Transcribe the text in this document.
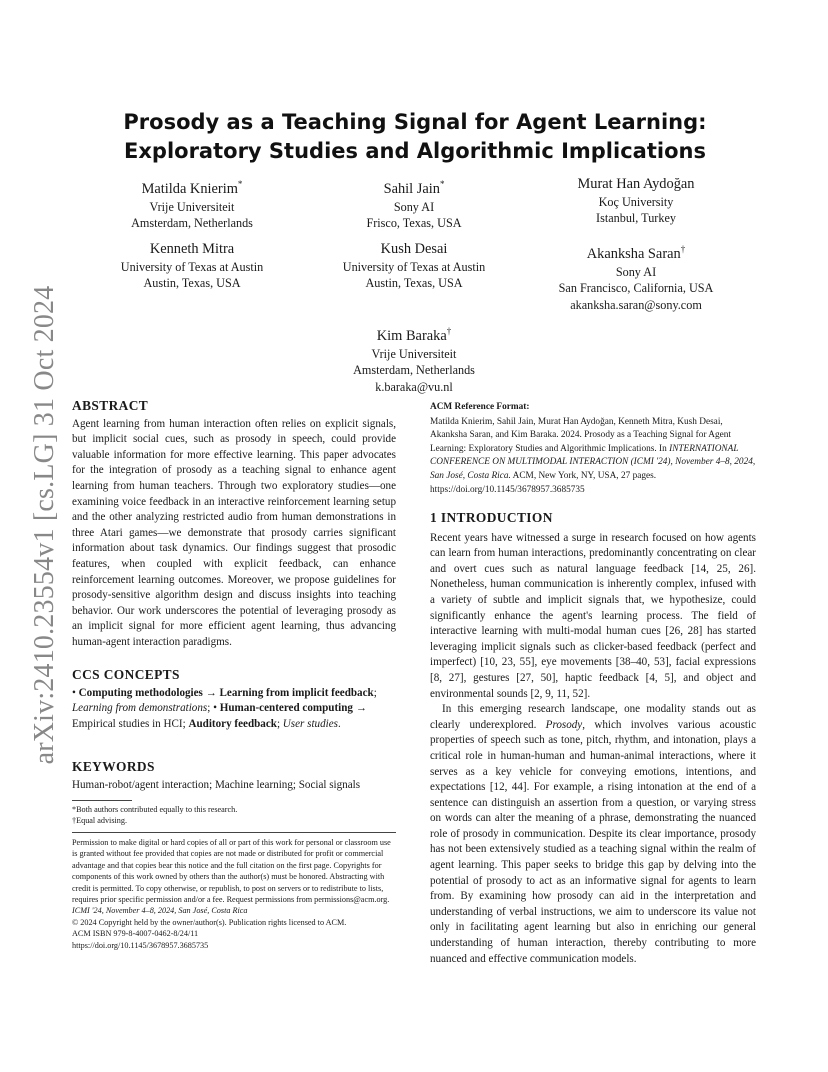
arXiv:2410.23554v1 [cs.LG] 31 Oct 2024
Prosody as a Teaching Signal for Agent Learning: Exploratory Studies and Algorithmic Implications
Matilda Knierim*
Vrije Universiteit
Amsterdam, Netherlands
Sahil Jain*
Sony AI
Frisco, Texas, USA
Murat Han Aydoğan
Koç University
Istanbul, Turkey
Kenneth Mitra
University of Texas at Austin
Austin, Texas, USA
Kush Desai
University of Texas at Austin
Austin, Texas, USA
Akanksha Saran†
Sony AI
San Francisco, California, USA
akanksha.saran@sony.com
Kim Baraka†
Vrije Universiteit
Amsterdam, Netherlands
k.baraka@vu.nl
ABSTRACT

Agent learning from human interaction often relies on explicit signals, but implicit social cues, such as prosody in speech, could provide valuable information for more effective learning. This paper advocates for the integration of prosody as a teaching signal to enhance agent learning from human teachers. Through two exploratory studies—one examining voice feedback in an interactive reinforcement learning setup and the other analyzing restricted audio from human demonstrations in three Atari games—we demonstrate that prosody carries significant information about task dynamics. Our findings suggest that prosodic features, when coupled with explicit feedback, can enhance reinforcement learning outcomes. Moreover, we propose guidelines for prosody-sensitive algorithm design and discuss insights into teaching behavior. Our work underscores the potential of leveraging prosody as an implicit signal for more efficient agent learning, thus advancing human-agent interaction paradigms.

CCS CONCEPTS

• Computing methodologies → Learning from implicit feedback; Learning from demonstrations; • Human-centered computing → Empirical studies in HCI; Auditory feedback; User studies.

KEYWORDS

Human-robot/agent interaction; Machine learning; Social signals

*Both authors contributed equally to this research.
†Equal advising.

Permission to make digital or hard copies of all or part of this work for personal or classroom use is granted without fee provided that copies are not made or distributed for profit or commercial advantage and that copies bear this notice and the full citation on the first page. Copyrights for components of this work owned by others than the author(s) must be honored. Abstracting with credit is permitted. To copy otherwise, or republish, to post on servers or to redistribute to lists, requires prior specific permission and/or a fee. Request permissions from permissions@acm.org.

ICMI '24, November 4–8, 2024, San José, Costa Rica

© 2024 Copyright held by the owner/author(s). Publication rights licensed to ACM.

ACM ISBN 979-8-4007-0462-8/24/11

https://doi.org/10.1145/3678957.3685735

ACM Reference Format:

Matilda Knierim, Sahil Jain, Murat Han Aydoğan, Kenneth Mitra, Kush Desai, Akanksha Saran, and Kim Baraka. 2024. Prosody as a Teaching Signal for Agent Learning: Exploratory Studies and Algorithmic Implications. In INTERNATIONAL CONFERENCE ON MULTIMODAL INTERACTION (ICMI '24), November 4–8, 2024, San José, Costa Rica. ACM, New York, NY, USA, 27 pages. https://doi.org/10.1145/3678957.3685735

1 INTRODUCTION

Recent years have witnessed a surge in research focused on how agents can learn from human interactions, predominantly concentrating on clear and overt cues such as natural language feedback [14, 25, 26]. Nonetheless, human communication is inherently complex, infused with a variety of subtle and implicit signals that, we hypothesize, could significantly enhance the agent's learning process. The field of interactive learning with multi-modal human cues [26, 28] has started leveraging implicit signals such as clicker-based feedback (perfect and imperfect) [10, 23, 55], eye movements [38–40, 53], facial expressions [8, 27], gestures [27, 50], haptic feedback [4, 5], and object and environmental sounds [2, 9, 11, 52].

In this emerging research landscape, one modality stands out as clearly underexplored. Prosody, which involves various acoustic properties of speech such as tone, pitch, rhythm, and intonation, plays a critical role in human-human and human-animal interactions, where it serves as a key vehicle for conveying emotions, intentions, and expectations [12, 44]. For example, a rising intonation at the end of a sentence can distinguish an assertion from a question, or varying stress on words can alter the meaning of a phrase, demonstrating the nuanced role of prosody in communication. Despite its clear importance, prosody has not been extensively studied as a teaching signal within the realm of agent learning. This paper seeks to bridge this gap by delving into the potential of prosody to act as an informative signal for agents to learn from. By examining how prosody can aid in the interpretation and understanding of verbal instructions, we aim to underscore its value not only in facilitating agent learning but also in enriching our general understanding of human interaction, thereby contributing to more nuanced and effective communication models.
